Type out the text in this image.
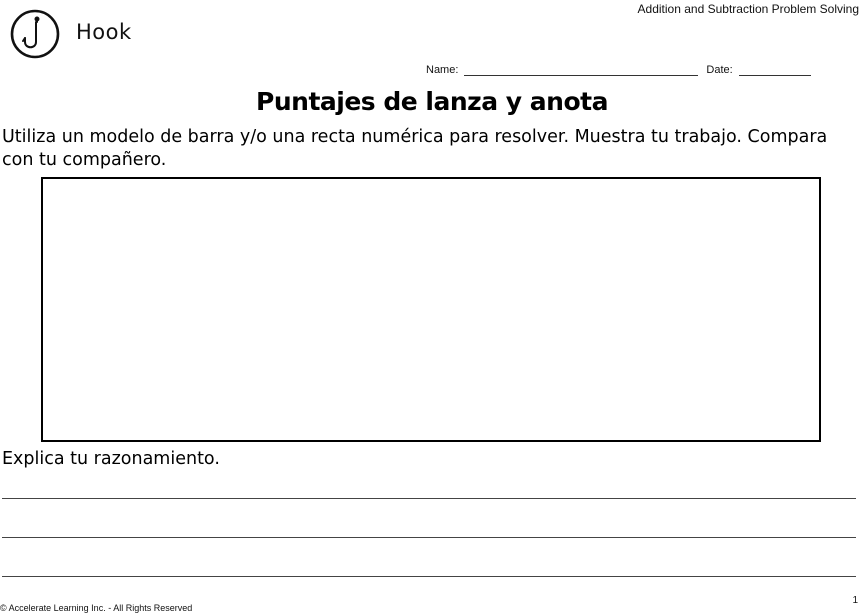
Hook
Addition and Subtraction Problem Solving
Name:	Date:
Puntajes de lanza y anota
Utiliza un modelo de barra y/o una recta numérica para resolver. Muestra tu trabajo. Compara con tu compañero.
Explica tu razonamiento.
© Accelerate Learning Inc. - All Rights Reserved
1
